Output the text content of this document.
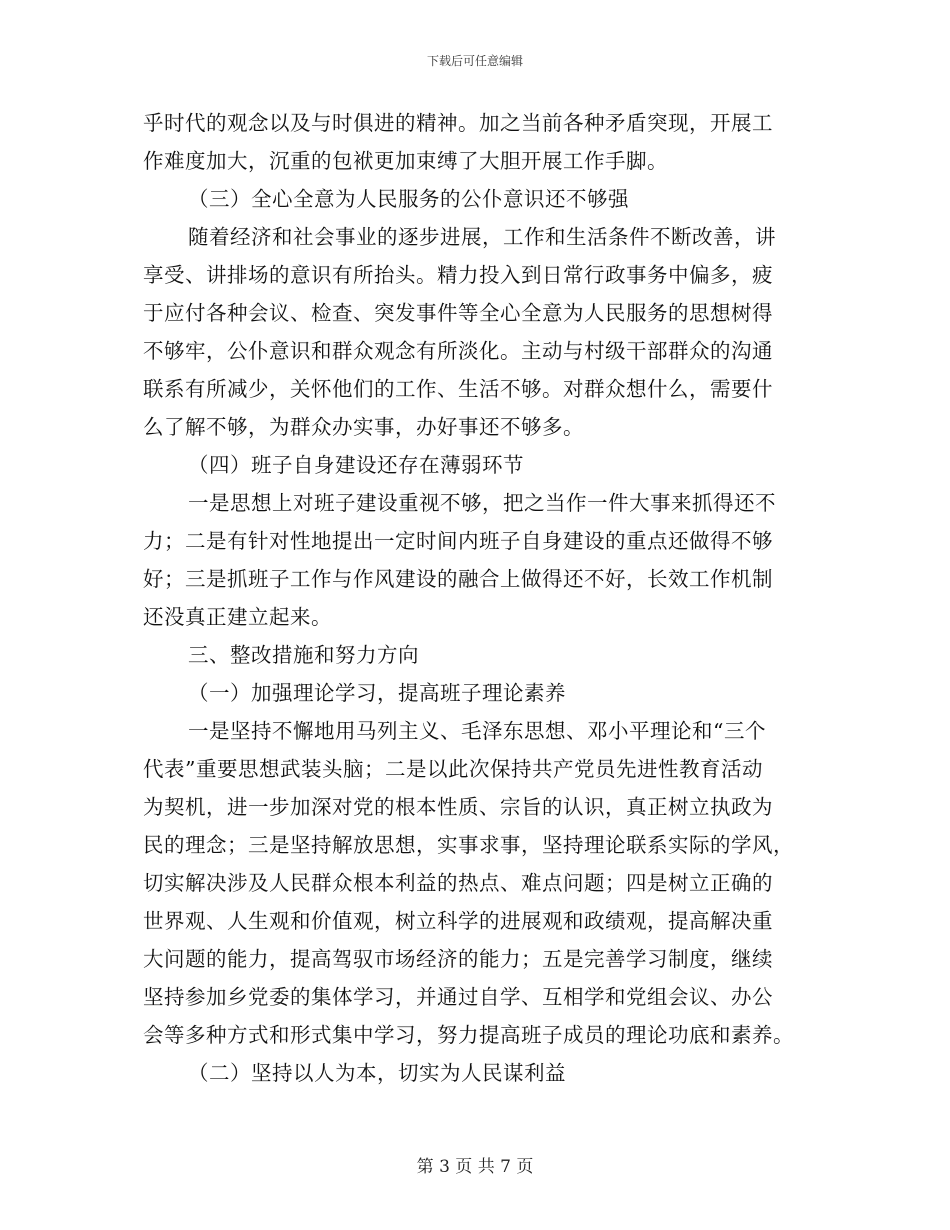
下载后可任意编辑
乎时代的观念以及与时俱进的精神。加之当前各种矛盾突现，开展工
作难度加大，沉重的包袱更加束缚了大胆开展工作手脚。
（三）全心全意为人民服务的公仆意识还不够强
随着经济和社会事业的逐步进展，工作和生活条件不断改善，讲
享受、讲排场的意识有所抬头。精力投入到日常行政事务中偏多，疲
于应付各种会议、检查、突发事件等全心全意为人民服务的思想树得
不够牢，公仆意识和群众观念有所淡化。主动与村级干部群众的沟通
联系有所减少，关怀他们的工作、生活不够。对群众想什么，需要什
么了解不够，为群众办实事，办好事还不够多。
（四）班子自身建设还存在薄弱环节
一是思想上对班子建设重视不够，把之当作一件大事来抓得还不
力；二是有针对性地提出一定时间内班子自身建设的重点还做得不够
好；三是抓班子工作与作风建设的融合上做得还不好，长效工作机制
还没真正建立起来。
三、整改措施和努力方向
（一）加强理论学习，提高班子理论素养
一是坚持不懈地用马列主义、毛泽东思想、邓小平理论和“三个
代表”重要思想武装头脑；二是以此次保持共产党员先进性教育活动
为契机，进一步加深对党的根本性质、宗旨的认识，真正树立执政为
民的理念；三是坚持解放思想，实事求事，坚持理论联系实际的学风，
切实解决涉及人民群众根本利益的热点、难点问题；四是树立正确的
世界观、人生观和价值观，树立科学的进展观和政绩观，提高解决重
大问题的能力，提高驾驭市场经济的能力；五是完善学习制度，继续
坚持参加乡党委的集体学习，并通过自学、互相学和党组会议、办公
会等多种方式和形式集中学习，努力提高班子成员的理论功底和素养。
（二）坚持以人为本，切实为人民谋利益
第 3 页 共 7 页
